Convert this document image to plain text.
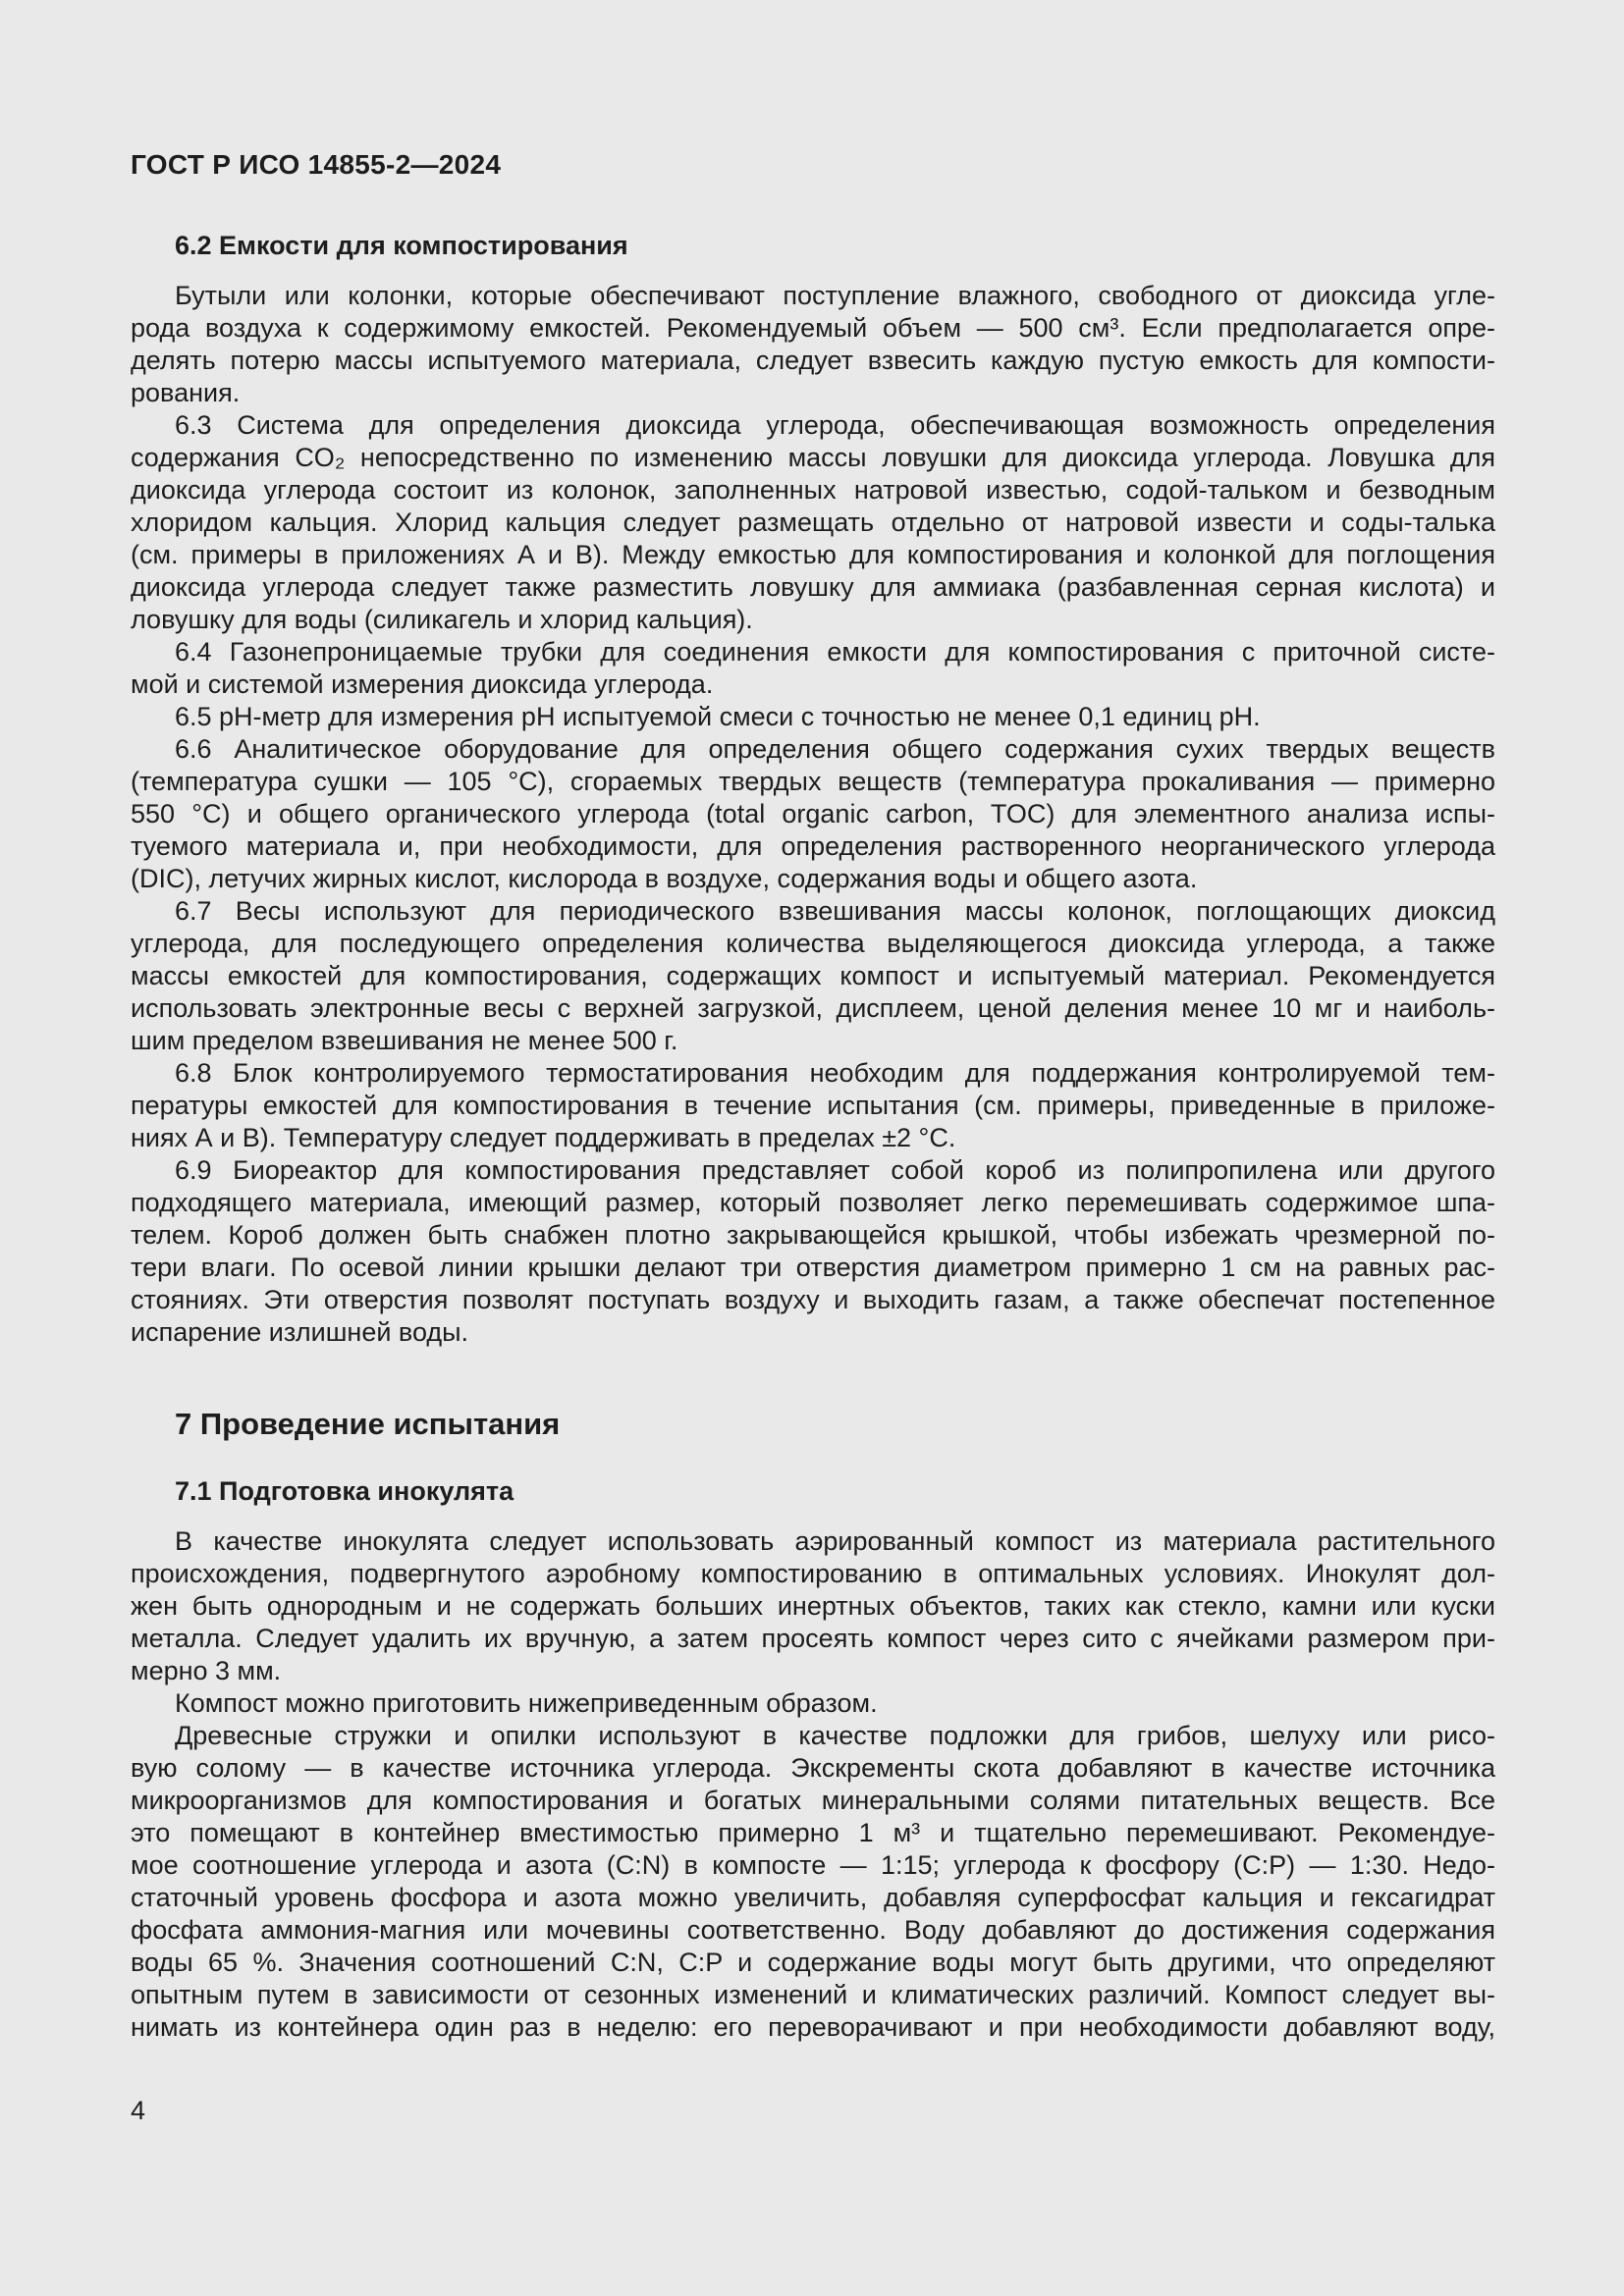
ГОСТ Р ИСО 14855-2—2024
6.2 Емкости для компостирования
Бутыли или колонки, которые обеспечивают поступление влажного, свободного от диоксида угле-
рода воздуха к содержимому емкостей. Рекомендуемый объем — 500 см³. Если предполагается опре-
делять потерю массы испытуемого материала, следует взвесить каждую пустую емкость для компости-
рования.
6.3 Система для определения диоксида углерода, обеспечивающая возможность определения
содержания CO₂ непосредственно по изменению массы ловушки для диоксида углерода. Ловушка для
диоксида углерода состоит из колонок, заполненных натровой известью, содой-тальком и безводным
хлоридом кальция. Хлорид кальция следует размещать отдельно от натровой извести и соды-талька
(см. примеры в приложениях А и В). Между емкостью для компостирования и колонкой для поглощения
диоксида углерода следует также разместить ловушку для аммиака (разбавленная серная кислота) и
ловушку для воды (силикагель и хлорид кальция).
6.4 Газонепроницаемые трубки для соединения емкости для компостирования с приточной систе-
мой и системой измерения диоксида углерода.
6.5 pH-метр для измерения pH испытуемой смеси с точностью не менее 0,1 единиц pH.
6.6 Аналитическое оборудование для определения общего содержания сухих твердых веществ
(температура сушки — 105 °С), сгораемых твердых веществ (температура прокаливания — примерно
550 °С) и общего органического углерода (total organic carbon, TOC) для элементного анализа испы-
туемого материала и, при необходимости, для определения растворенного неорганического углерода
(DIC), летучих жирных кислот, кислорода в воздухе, содержания воды и общего азота.
6.7 Весы используют для периодического взвешивания массы колонок, поглощающих диоксид
углерода, для последующего определения количества выделяющегося диоксида углерода, а также
массы емкостей для компостирования, содержащих компост и испытуемый материал. Рекомендуется
использовать электронные весы с верхней загрузкой, дисплеем, ценой деления менее 10 мг и наиболь-
шим пределом взвешивания не менее 500 г.
6.8 Блок контролируемого термостатирования необходим для поддержания контролируемой тем-
пературы емкостей для компостирования в течение испытания (см. примеры, приведенные в приложе-
ниях А и В). Температуру следует поддерживать в пределах ±2 °С.
6.9 Биореактор для компостирования представляет собой короб из полипропилена или другого
подходящего материала, имеющий размер, который позволяет легко перемешивать содержимое шпа-
телем. Короб должен быть снабжен плотно закрывающейся крышкой, чтобы избежать чрезмерной по-
тери влаги. По осевой линии крышки делают три отверстия диаметром примерно 1 см на равных рас-
стояниях. Эти отверстия позволят поступать воздуху и выходить газам, а также обеспечат постепенное
испарение излишней воды.
7 Проведение испытания
7.1 Подготовка инокулята
В качестве инокулята следует использовать аэрированный компост из материала растительного
происхождения, подвергнутого аэробному компостированию в оптимальных условиях. Инокулят дол-
жен быть однородным и не содержать больших инертных объектов, таких как стекло, камни или куски
металла. Следует удалить их вручную, а затем просеять компост через сито с ячейками размером при-
мерно 3 мм.
Компост можно приготовить нижеприведенным образом.
Древесные стружки и опилки используют в качестве подложки для грибов, шелуху или рисо-
вую солому — в качестве источника углерода. Экскременты скота добавляют в качестве источника
микроорганизмов для компостирования и богатых минеральными солями питательных веществ. Все
это помещают в контейнер вместимостью примерно 1 м³ и тщательно перемешивают. Рекомендуе-
мое соотношение углерода и азота (C:N) в компосте — 1:15; углерода к фосфору (C:P) — 1:30. Недо-
статочный уровень фосфора и азота можно увеличить, добавляя суперфосфат кальция и гексагидрат
фосфата аммония-магния или мочевины соответственно. Воду добавляют до достижения содержания
воды 65 %. Значения соотношений C:N, C:P и содержание воды могут быть другими, что определяют
опытным путем в зависимости от сезонных изменений и климатических различий. Компост следует вы-
нимать из контейнера один раз в неделю: его переворачивают и при необходимости добавляют воду,
4
